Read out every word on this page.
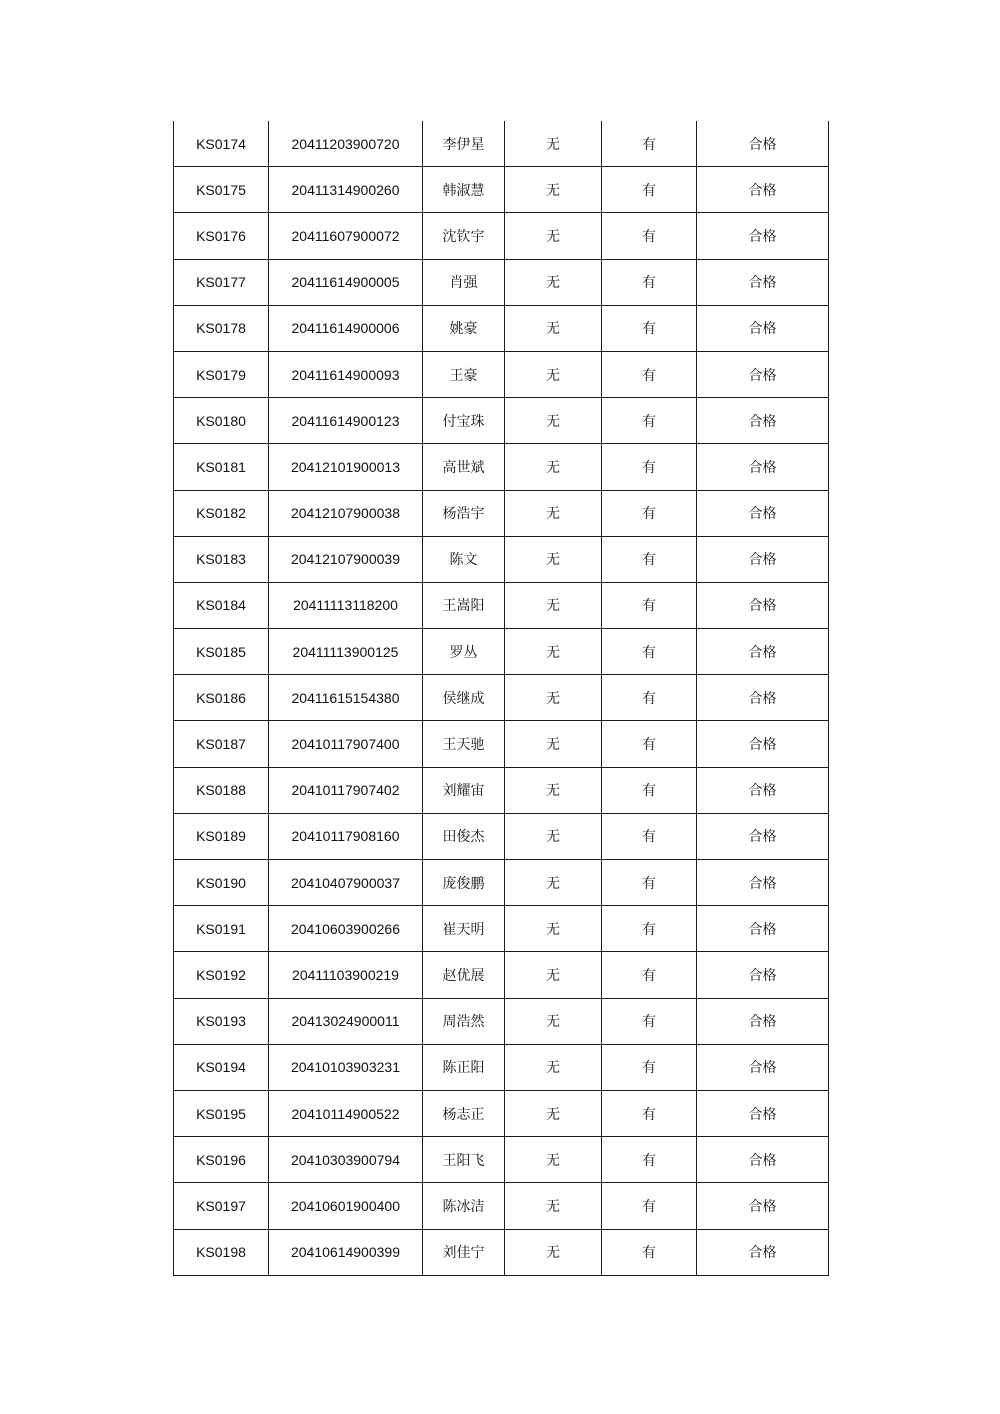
KS0174	20411203900720	李伊星	无	有	合格
KS0175	20411314900260	韩淑慧	无	有	合格
KS0176	20411607900072	沈钦宇	无	有	合格
KS0177	20411614900005	肖强	无	有	合格
KS0178	20411614900006	姚豪	无	有	合格
KS0179	20411614900093	王豪	无	有	合格
KS0180	20411614900123	付宝珠	无	有	合格
KS0181	20412101900013	高世斌	无	有	合格
KS0182	20412107900038	杨浩宇	无	有	合格
KS0183	20412107900039	陈文	无	有	合格
KS0184	20411113118200	王嵩阳	无	有	合格
KS0185	20411113900125	罗丛	无	有	合格
KS0186	20411615154380	侯继成	无	有	合格
KS0187	20410117907400	王天驰	无	有	合格
KS0188	20410117907402	刘耀宙	无	有	合格
KS0189	20410117908160	田俊杰	无	有	合格
KS0190	20410407900037	庞俊鹏	无	有	合格
KS0191	20410603900266	崔天明	无	有	合格
KS0192	20411103900219	赵优展	无	有	合格
KS0193	20413024900011	周浩然	无	有	合格
KS0194	20410103903231	陈正阳	无	有	合格
KS0195	20410114900522	杨志正	无	有	合格
KS0196	20410303900794	王阳飞	无	有	合格
KS0197	20410601900400	陈冰洁	无	有	合格
KS0198	20410614900399	刘佳宁	无	有	合格
